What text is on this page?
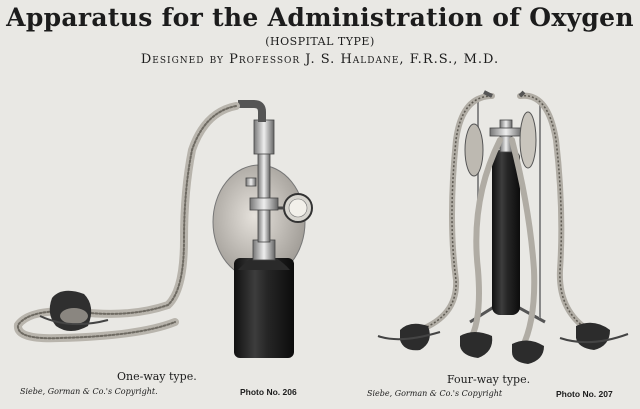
Apparatus for the Administration of Oxygen
(HOSPITAL TYPE)
Designed by Professor J. S. Haldane, F.R.S., M.D.
One-way type.
Siebe, Gorman & Co.'s Copyright.	Photo No. 206
Four-way type.
Siebe, Gorman & Co.'s Copyright	Photo No. 207
